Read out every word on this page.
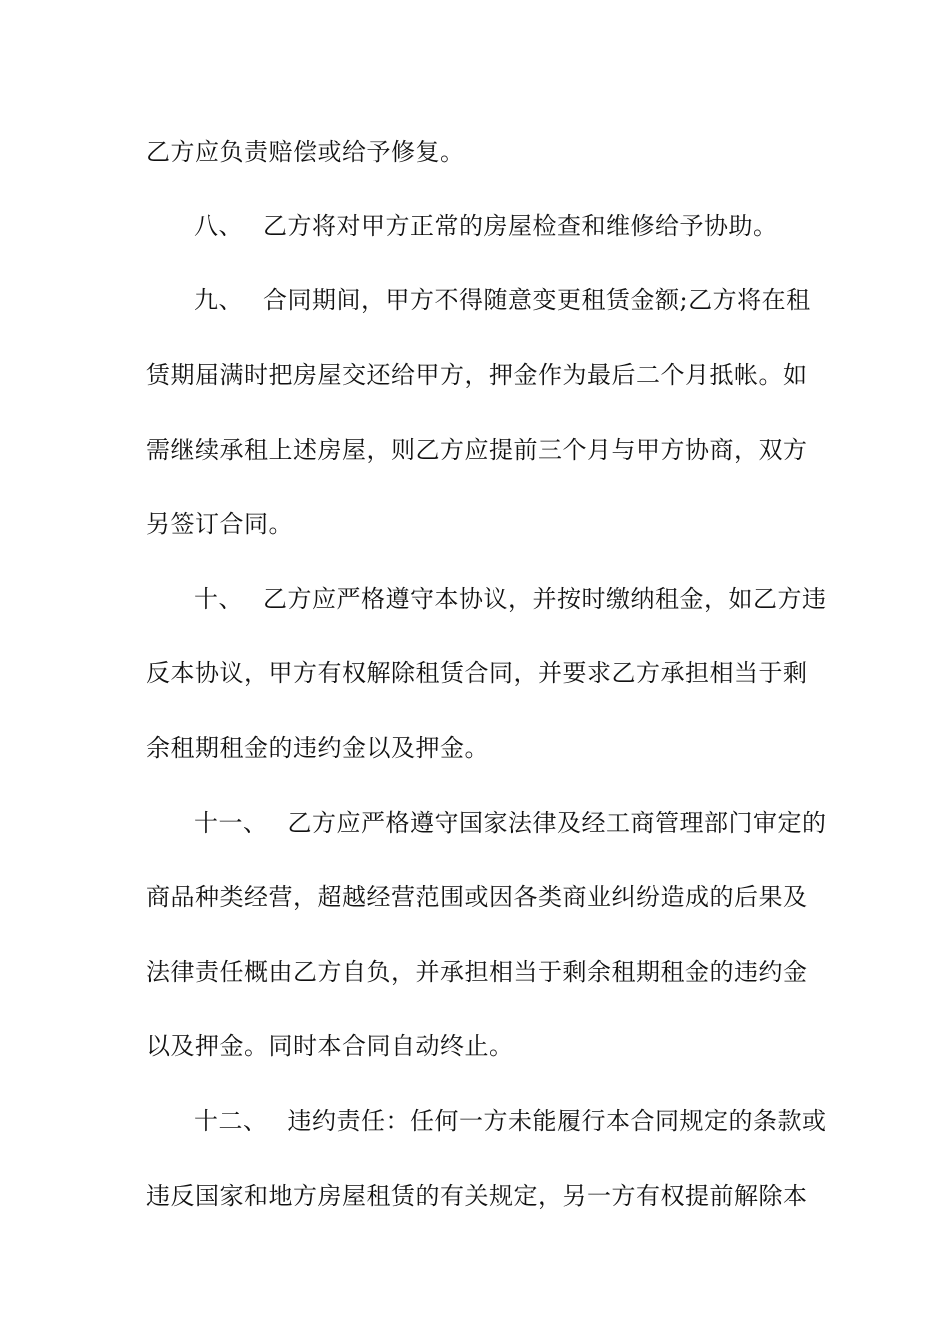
乙方应负责赔偿或给予修复。
八、 乙方将对甲方正常的房屋检查和维修给予协助。
九、 合同期间，甲方不得随意变更租赁金额;乙方将在租
赁期届满时把房屋交还给甲方，押金作为最后二个月抵帐。如
需继续承租上述房屋，则乙方应提前三个月与甲方协商，双方
另签订合同。
十、 乙方应严格遵守本协议，并按时缴纳租金，如乙方违
反本协议，甲方有权解除租赁合同，并要求乙方承担相当于剩
余租期租金的违约金以及押金。
十一、 乙方应严格遵守国家法律及经工商管理部门审定的
商品种类经营，超越经营范围或因各类商业纠纷造成的后果及
法律责任概由乙方自负，并承担相当于剩余租期租金的违约金
以及押金。同时本合同自动终止。
十二、 违约责任：任何一方未能履行本合同规定的条款或
违反国家和地方房屋租赁的有关规定，另一方有权提前解除本
